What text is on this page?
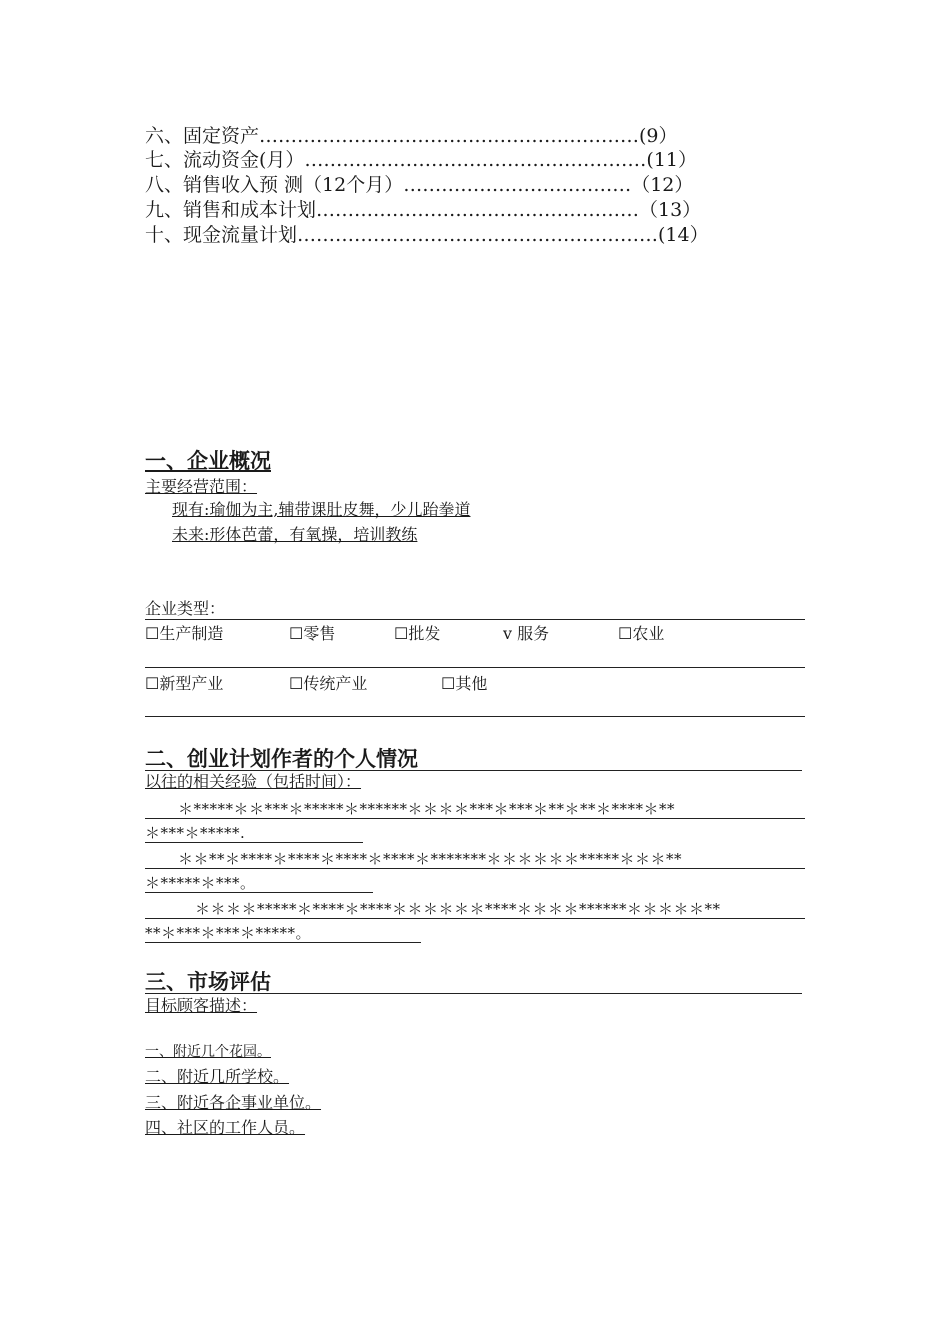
六、固定资产……………………………………………………(9）
七、流动资金(月）………………………………………………(11）
八、销售收入预 测（12个月）………………………………（12）
九、销售和成本计划……………………………………………（13）
十、现金流量计划…………………………………………………(14）
一、企业概况
主要经营范围：
现有:瑜伽为主,辅带课肚皮舞，少儿跆拳道
未来:形体芭蕾，有氧操，培训教练
企业类型：
☐生产制造	☐零售	☐批发	v 服务	☐农业
☐新型产业	☐传统产业	☐其他
二、创业计划作者的个人情况
以往的相关经验（包括时间）：
＊*****＊＊***＊*****＊******＊＊＊＊***＊***＊**＊**＊****＊**
＊***＊*****.
＊＊**＊****＊****＊****＊****＊*******＊＊＊＊＊＊*****＊＊＊**
＊*****＊***。
＊＊＊＊*****＊****＊****＊＊＊＊＊＊****＊＊＊＊******＊＊＊＊＊**
**＊***＊***＊*****。
三、市场评估
目标顾客描述：
一、附近几个花园。
二、附近几所学校。
三、附近各企事业单位。
四、社区的工作人员。
